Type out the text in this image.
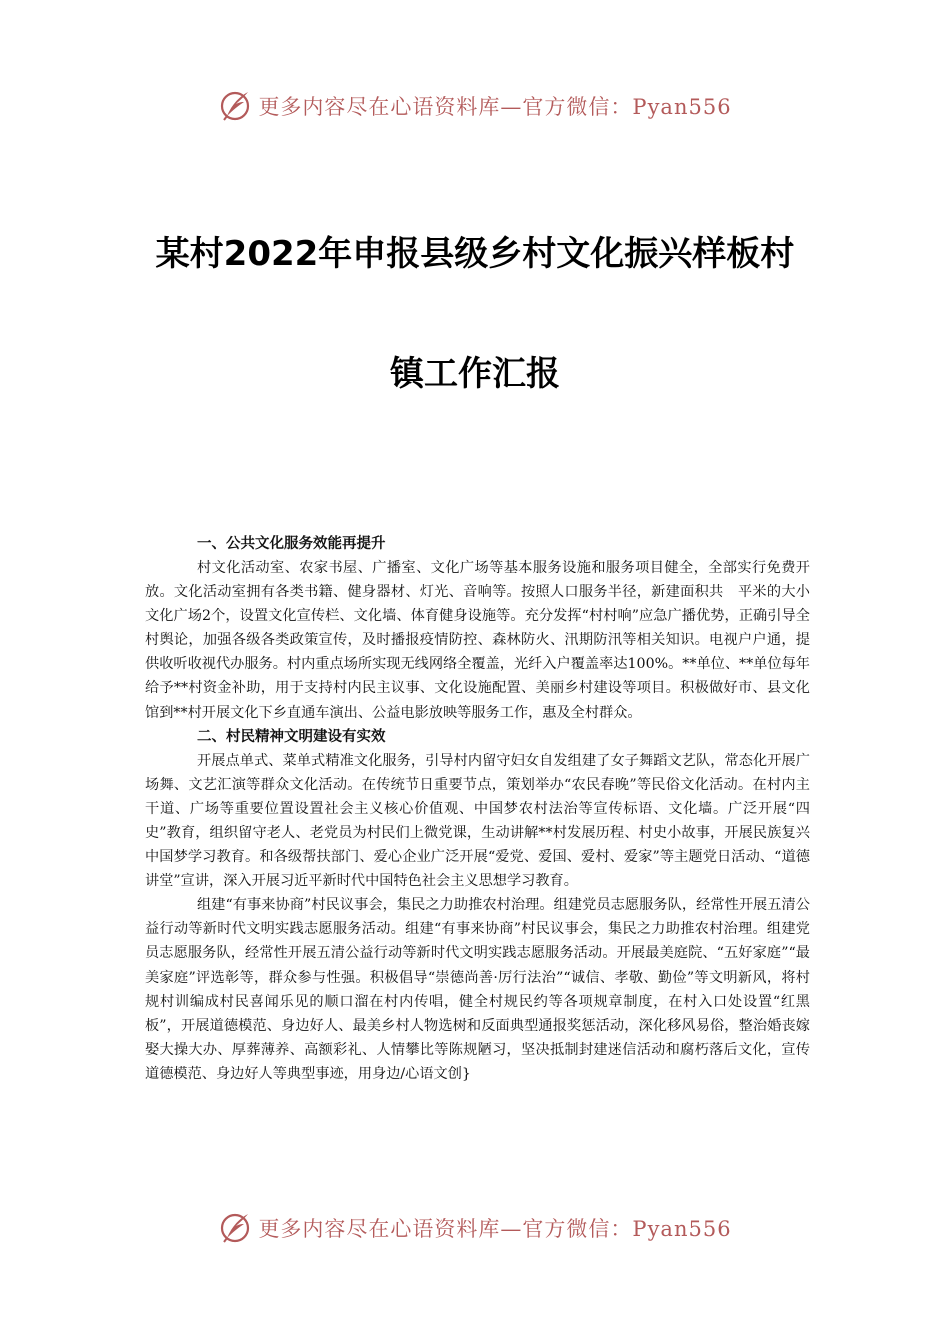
更多内容尽在心语资料库—官方微信：Pyan556
某村2022年申报县级乡村文化振兴样板村
镇工作汇报

一、公共文化服务效能再提升

村文化活动室、农家书屋、广播室、文化广场等基本服务设施和服务项目健全，全部实行免费开放。文化活动室拥有各类书籍、健身器材、灯光、音响等。按照人口服务半径，新建面积共　平米的大小文化广场2个，设置文化宣传栏、文化墙、体育健身设施等。充分发挥“村村响”应急广播优势，正确引导全村舆论，加强各级各类政策宣传，及时播报疫情防控、森林防火、汛期防汛等相关知识。电视户户通，提供收听收视代办服务。村内重点场所实现无线网络全覆盖，光纤入户覆盖率达100%。**单位、**单位每年给予**村资金补助，用于支持村内民主议事、文化设施配置、美丽乡村建设等项目。积极做好市、县文化馆到**村开展文化下乡直通车演出、公益电影放映等服务工作，惠及全村群众。

二、村民精神文明建设有实效

开展点单式、菜单式精准文化服务，引导村内留守妇女自发组建了女子舞蹈文艺队，常态化开展广场舞、文艺汇演等群众文化活动。在传统节日重要节点，策划举办“农民春晚”等民俗文化活动。在村内主干道、广场等重要位置设置社会主义核心价值观、中国梦农村法治等宣传标语、文化墙。广泛开展“四史”教育，组织留守老人、老党员为村民们上微党课，生动讲解**村发展历程、村史小故事，开展民族复兴中国梦学习教育。和各级帮扶部门、爱心企业广泛开展“爱党、爱国、爱村、爱家”等主题党日活动、“道德讲堂”宣讲，深入开展习近平新时代中国特色社会主义思想学习教育。

组建“有事来协商”村民议事会，集民之力助推农村治理。组建党员志愿服务队，经常性开展五清公益行动等新时代文明实践志愿服务活动。组建“有事来协商”村民议事会，集民之力助推农村治理。组建党员志愿服务队，经常性开展五清公益行动等新时代文明实践志愿服务活动。开展最美庭院、“五好家庭”“最美家庭”评选彰等，群众参与性强。积极倡导“崇德尚善·厉行法治”“诚信、孝敬、勤俭”等文明新风，将村规村训编成村民喜闻乐见的顺口溜在村内传唱，健全村规民约等各项规章制度，在村入口处设置“红黑板”，开展道德模范、身边好人、最美乡村人物选树和反面典型通报奖惩活动，深化移风易俗，整治婚丧嫁娶大操大办、厚葬薄养、高额彩礼、人情攀比等陈规陋习，坚决抵制封建迷信活动和腐朽落后文化，宣传道德模范、身边好人等典型事迹，用身边/心语文创}

更多内容尽在心语资料库—官方微信：Pyan556
